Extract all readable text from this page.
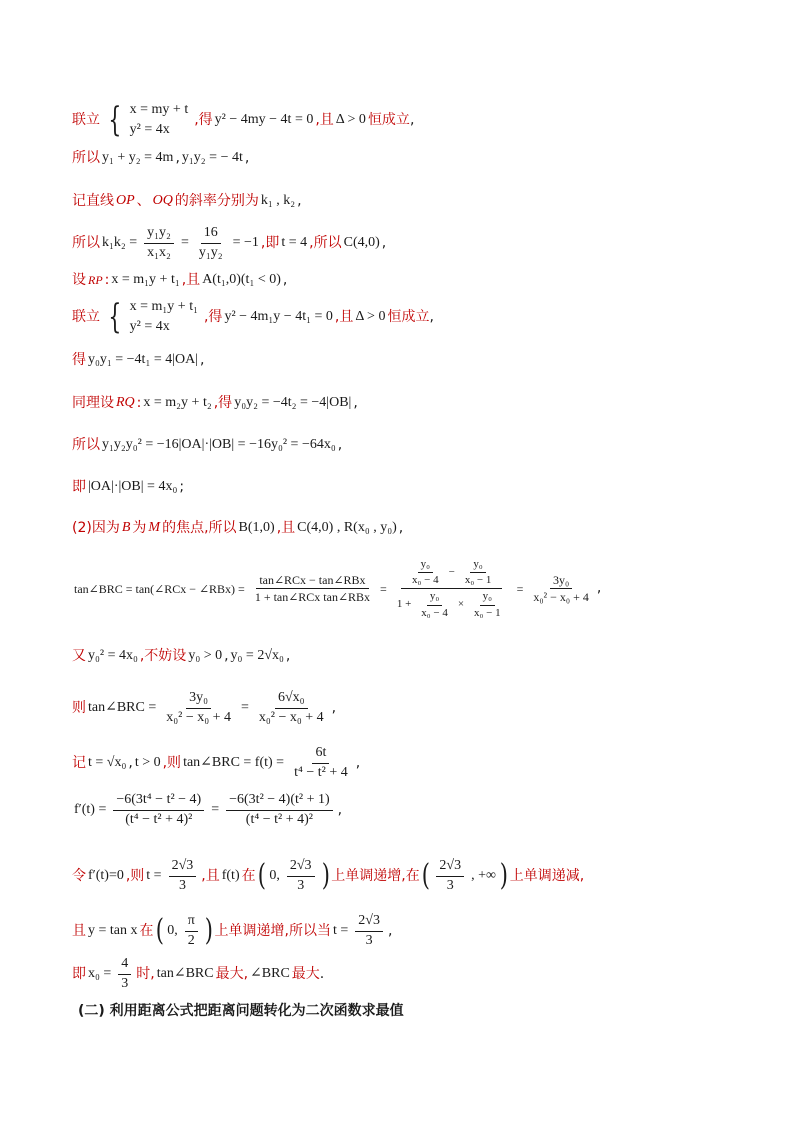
联立 { x = my + t
y² = 4x
,得 y² − 4my − 4t = 0 ,且 Δ > 0 恒成立 ,
所以 y₁ + y₂ = 4m , y₁y₂ = − 4t ,
记直线 OP 、 OQ 的斜率分别为 k₁ , k₂ ,
所以 $k_1k_2 = \frac{\text{y₁y₂}}{\text{x₁x₂}} = \frac{16}{\text{y₁y₂}} = -1$ ,即 t = 4 ,所以 C(4,0) ,
设 RP : x = m₁y + t₁ ,且 A(t₁,0)(t₁ < 0) ,
联立 { x = m₁y + t₁
y² = 4x
,得 y² − 4m₁y − 4t₁ = 0 ,且 Δ > 0 恒成立 ,
得 y₀y₁ = −4t₁ = 4|OA| ,
同理设 RQ : x = m₂y + t₂ ,得 y₀y₂ = −4t₂ = −4|OB| ,
所以 y₁y₂y₀² = −16|OA|·|OB| = −16y₀² = −64x₀ ,
即 |OA|·|OB| = 4x₀ ;
(2)因为 B 为 M 的焦点 ,所以 B(1,0) ,且 C(4,0) , R(x₀ , y₀) ,
tan∠BRC = tan(∠RCx − ∠RBx) = $\frac{\text{tan∠RCx − tan∠RBx}}{\text{1 + tan∠RCx tan∠RBx}} = \frac{\frac{\text{y₀}}{\text{x₀ − 4}} - \frac{\text{y₀}}{\text{x₀ − 1}}}{1 + \frac{\text{y₀}}{\text{x₀ − 4}} \times \frac{\text{y₀}}{\text{x₀ − 1}}} = \frac{\text{3y₀}}{\text{x₀² − x₀ + 4}}$ ,
又 y₀² = 4x₀ ,不妨设 y₀ > 0 , y₀ = 2√x₀ ,
则 tan∠BRC = $\frac{\text{3y₀}}{\text{x₀² − x₀ + 4}} = \frac{\text{6√x₀}}{\text{x₀² − x₀ + 4}}$ ,
记 t = √x₀ , t > 0 ,则 tan∠BRC = $f(t) = \frac{6t}{\text{t⁴ − t² + 4}}$ ,
$f'(t) = \frac{\text{−6(3t⁴ − t² − 4)}}{\text{(t⁴ − t² + 4)²}} = \frac{\text{−6(3t² − 4)(t² + 1)}}{\text{(t⁴ − t² + 4)²}}$ ,
令 f′(t)=0 ,则 $t = \frac{2√3}{3}$ ,且 f(t) 在 ( 0, $\frac{2√3}{3}$ ) 上单调递增,在 ( $\frac{2√3}{3}$ , +∞ ) 上单调递减,
且 y = tan x 在 ( 0, $\frac{\pi}{2}$ ) 上单调递增,所以当 $t = \frac{2√3}{3}$ ,
即 $x_0 = \frac{4}{3}$ 时, tan∠BRC 最大, ∠BRC 最大 .
(二) 利用距离公式把距离问题转化为二次函数求最值
